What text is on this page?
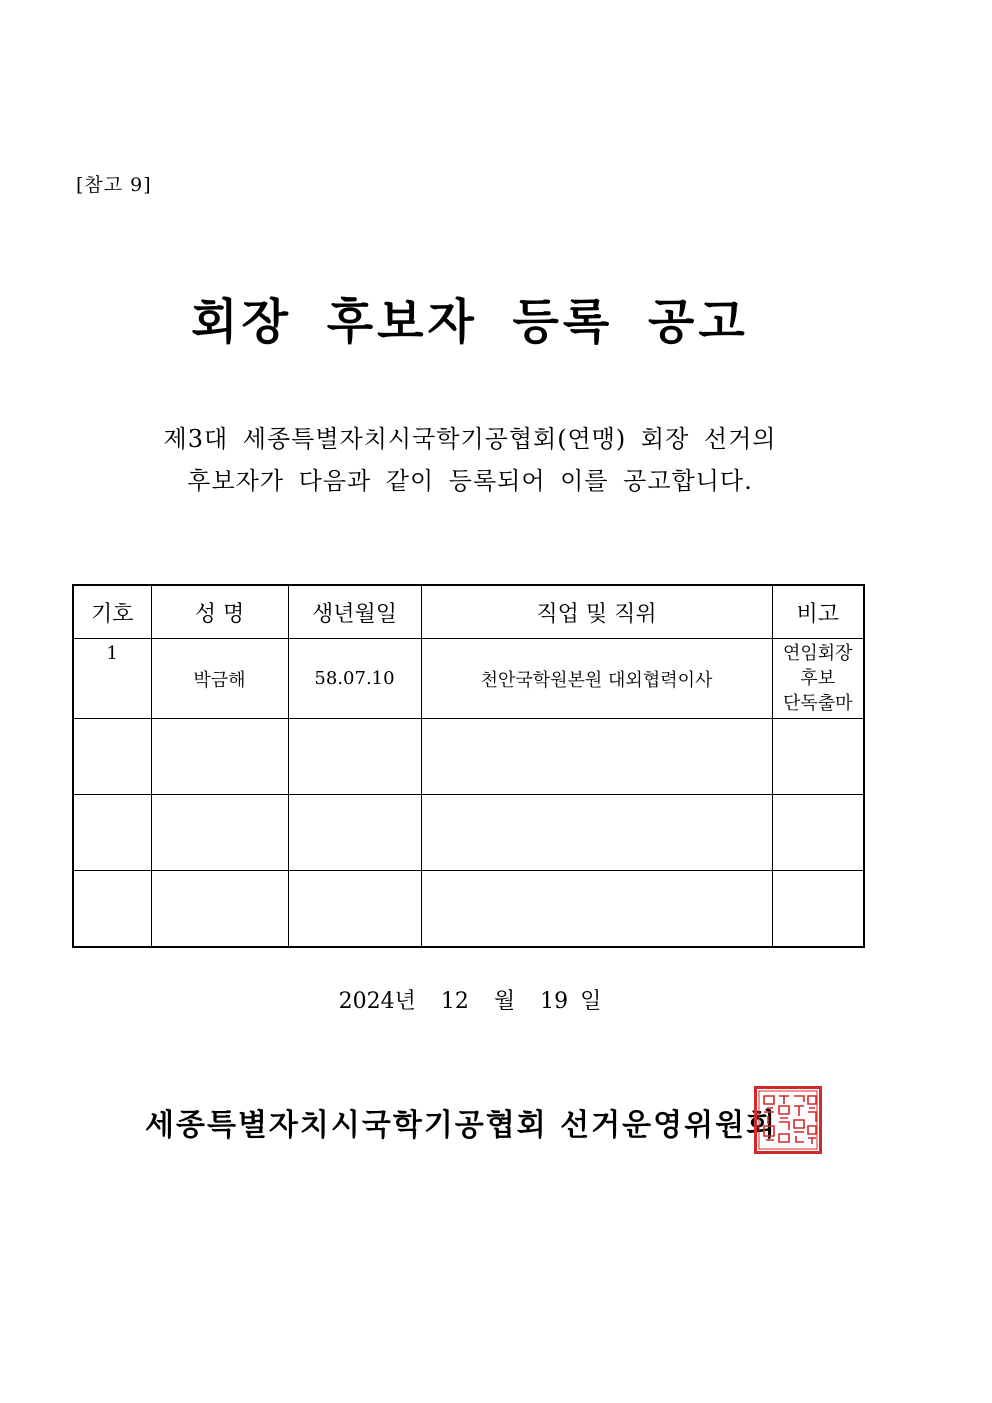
[참고 9]
회장 후보자 등록 공고
제3대 세종특별자치시국학기공협회(연맹) 회장 선거의
후보자가 다음과 같이 등록되어 이를 공고합니다.
기호	성 명	생년월일	직업 및 직위	비고
1	박금해	58.07.10	천안국학원본원 대외협력이사	연임회장
후보
단독출마

2024년 12 월 19 일
세종특별자치시국학기공협회 선거운영위원회
